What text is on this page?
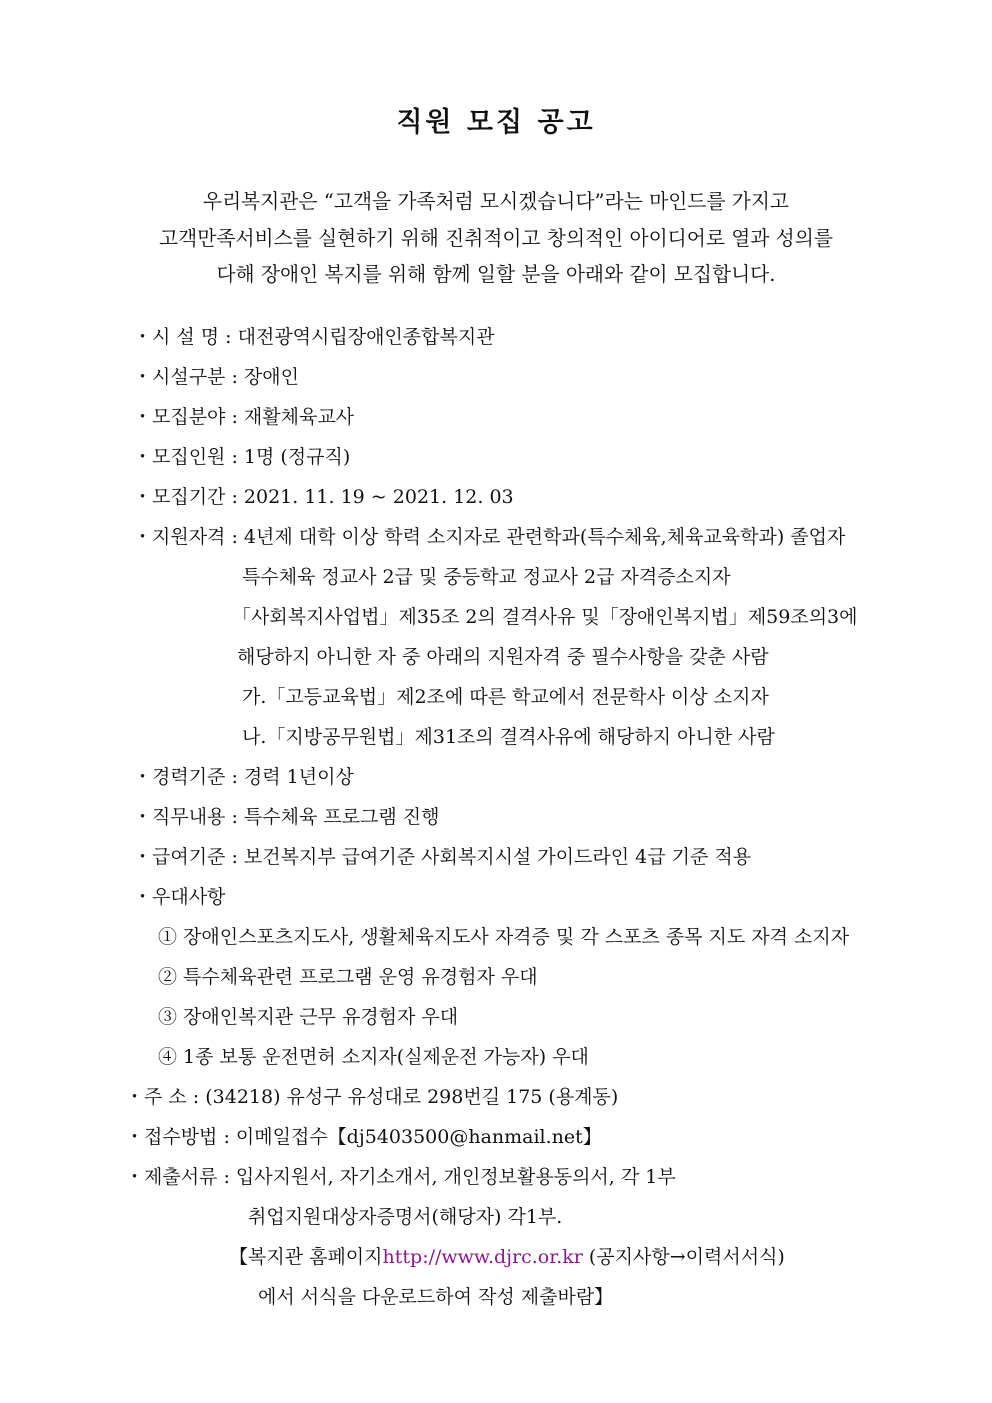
직원 모집 공고
우리복지관은 “고객을 가족처럼 모시겠습니다”라는 마인드를 가지고
고객만족서비스를 실현하기 위해 진취적이고 창의적인 아이디어로 열과 성의를
다해 장애인 복지를 위해 함께 일할 분을 아래와 같이 모집합니다.
・시 설 명 : 대전광역시립장애인종합복지관
・시설구분 : 장애인
・모집분야 : 재활체육교사
・모집인원 : 1명 (정규직)
・모집기간 : 2021. 11. 19 ~ 2021. 12. 03
・지원자격 : 4년제 대학 이상 학력 소지자로 관련학과(특수체육,체육교육학과) 졸업자
특수체육 정교사 2급 및 중등학교 정교사 2급 자격증소지자
「사회복지사업법」제35조 2의 결격사유 및「장애인복지법」제59조의3에
해당하지 아니한 자 중 아래의 지원자격 중 필수사항을 갖춘 사람
가.「고등교육법」제2조에 따른 학교에서 전문학사 이상 소지자
나.「지방공무원법」제31조의 결격사유에 해당하지 아니한 사람
・경력기준 : 경력 1년이상
・직무내용 : 특수체육 프로그램 진행
・급여기준 : 보건복지부 급여기준 사회복지시설 가이드라인 4급 기준 적용
・우대사항
① 장애인스포츠지도사, 생활체육지도사 자격증 및 각 스포츠 종목 지도 자격 소지자
② 특수체육관련 프로그램 운영 유경험자 우대
③ 장애인복지관 근무 유경험자 우대
④ 1종 보통 운전면허 소지자(실제운전 가능자) 우대
・주 소 : (34218) 유성구 유성대로 298번길 175 (용계동)
・접수방법 : 이메일접수【dj5403500@hanmail.net】
・제출서류 : 입사지원서, 자기소개서, 개인정보활용동의서, 각 1부
취업지원대상자증명서(해당자) 각1부.
【복지관 홈페이지http://www.djrc.or.kr (공지사항→이력서서식)
에서 서식을 다운로드하여 작성 제출바람】
